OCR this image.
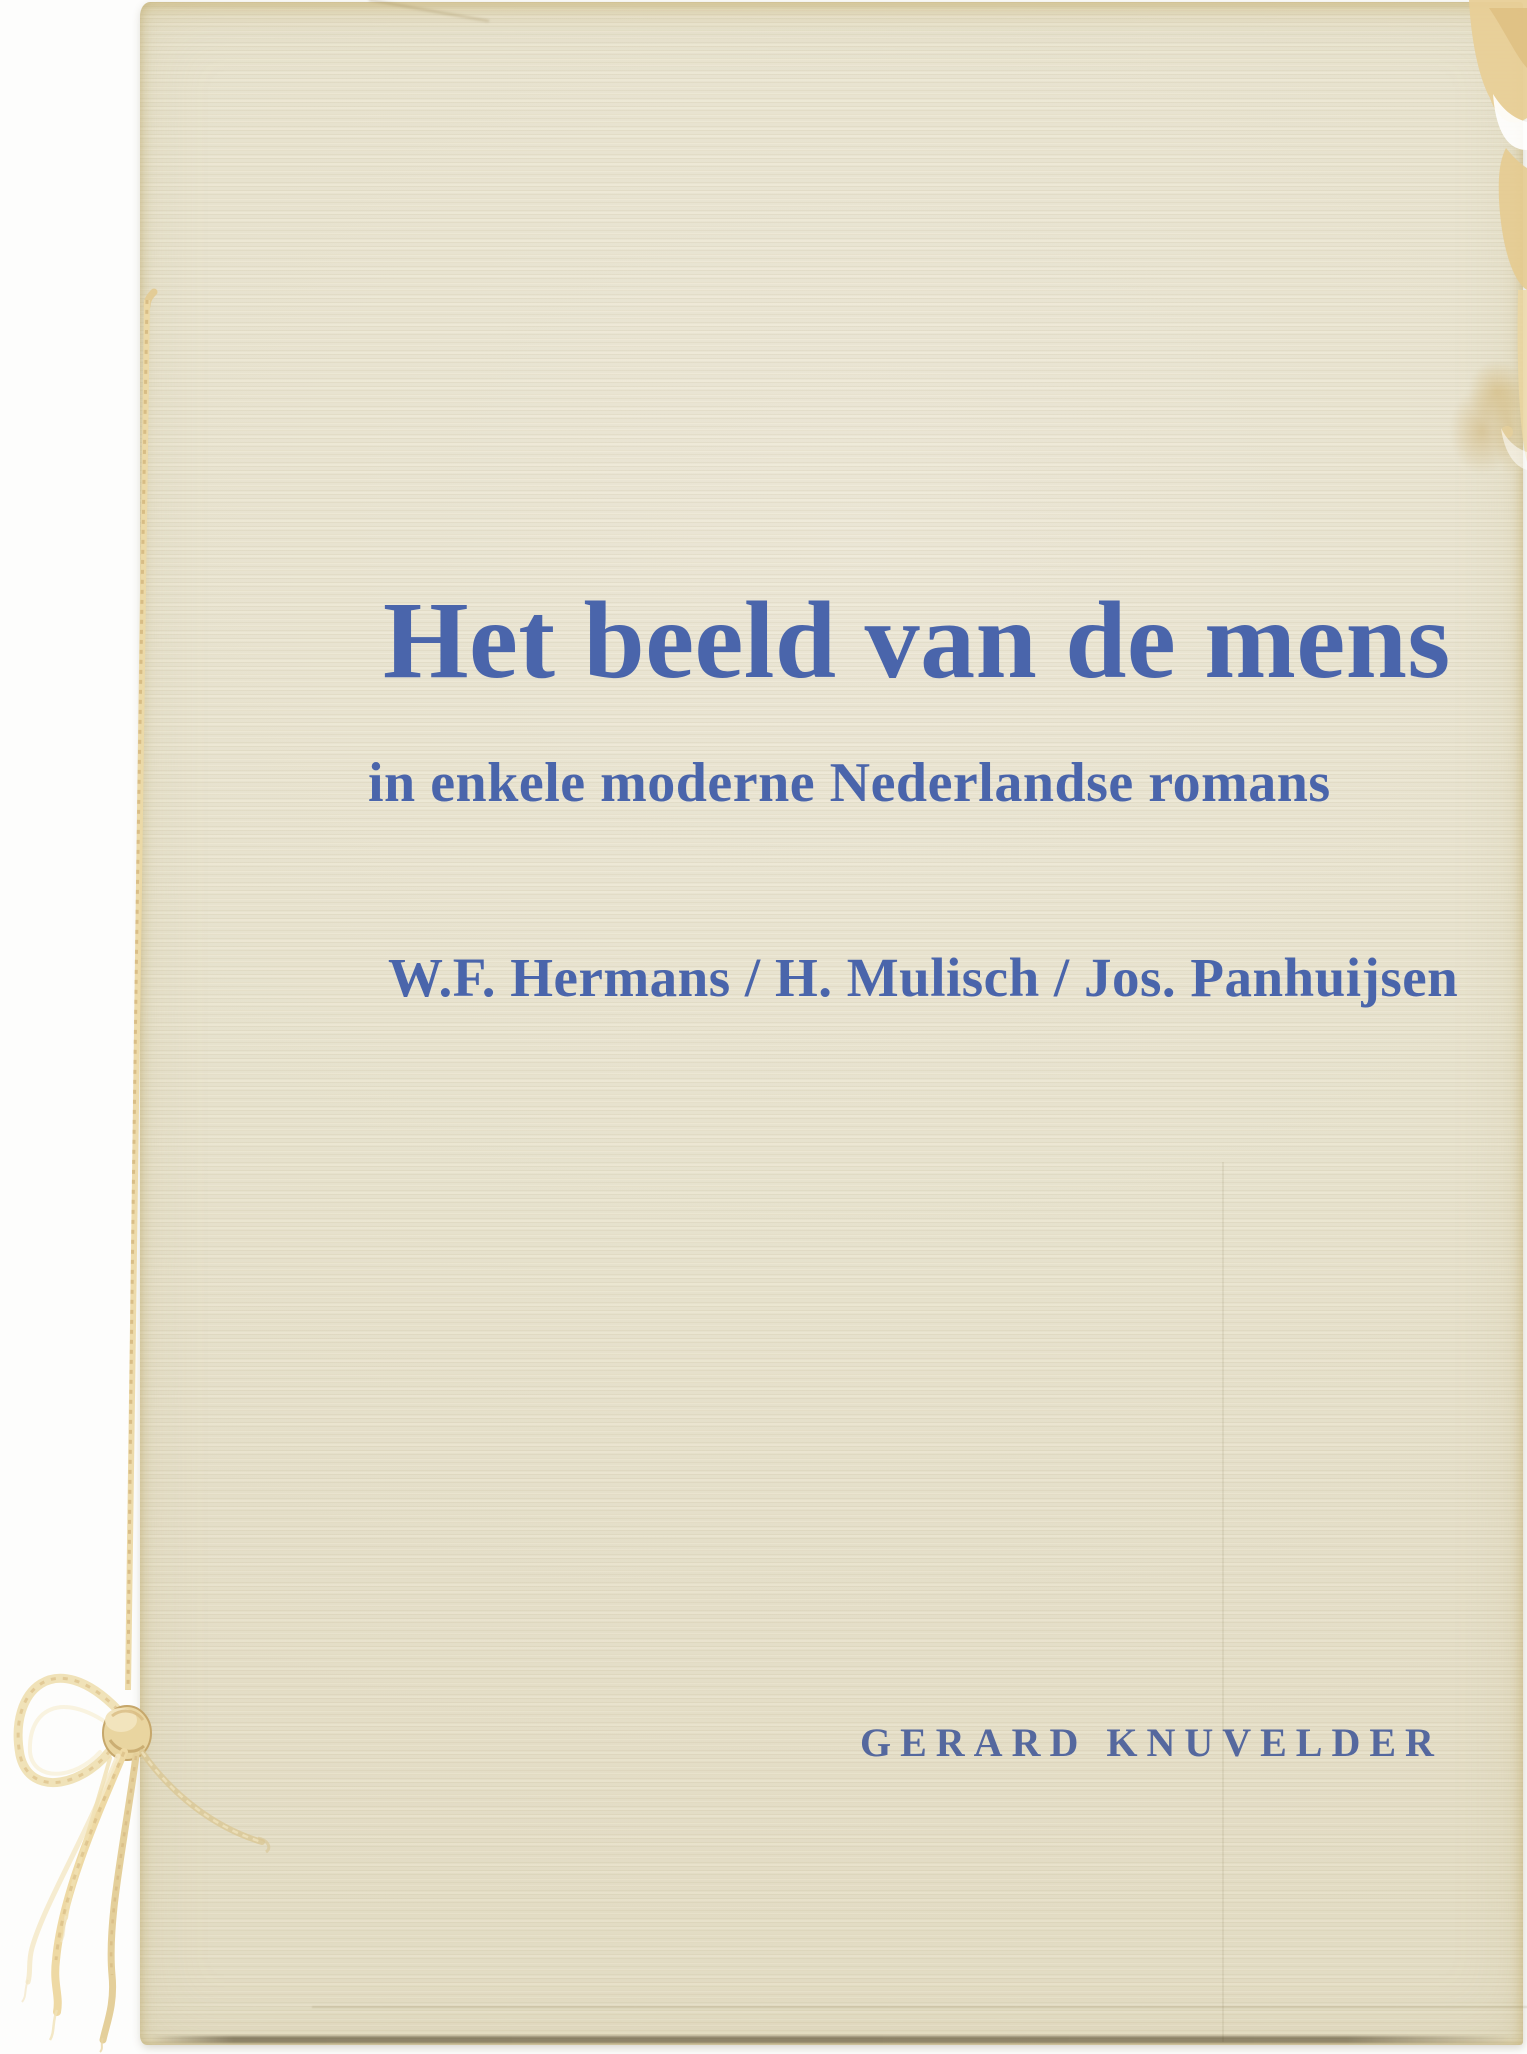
Het beeld van de mens
in enkele moderne Nederlandse romans
W.F. Hermans / H. Mulisch / Jos. Panhuijsen
GERARD KNUVELDER
